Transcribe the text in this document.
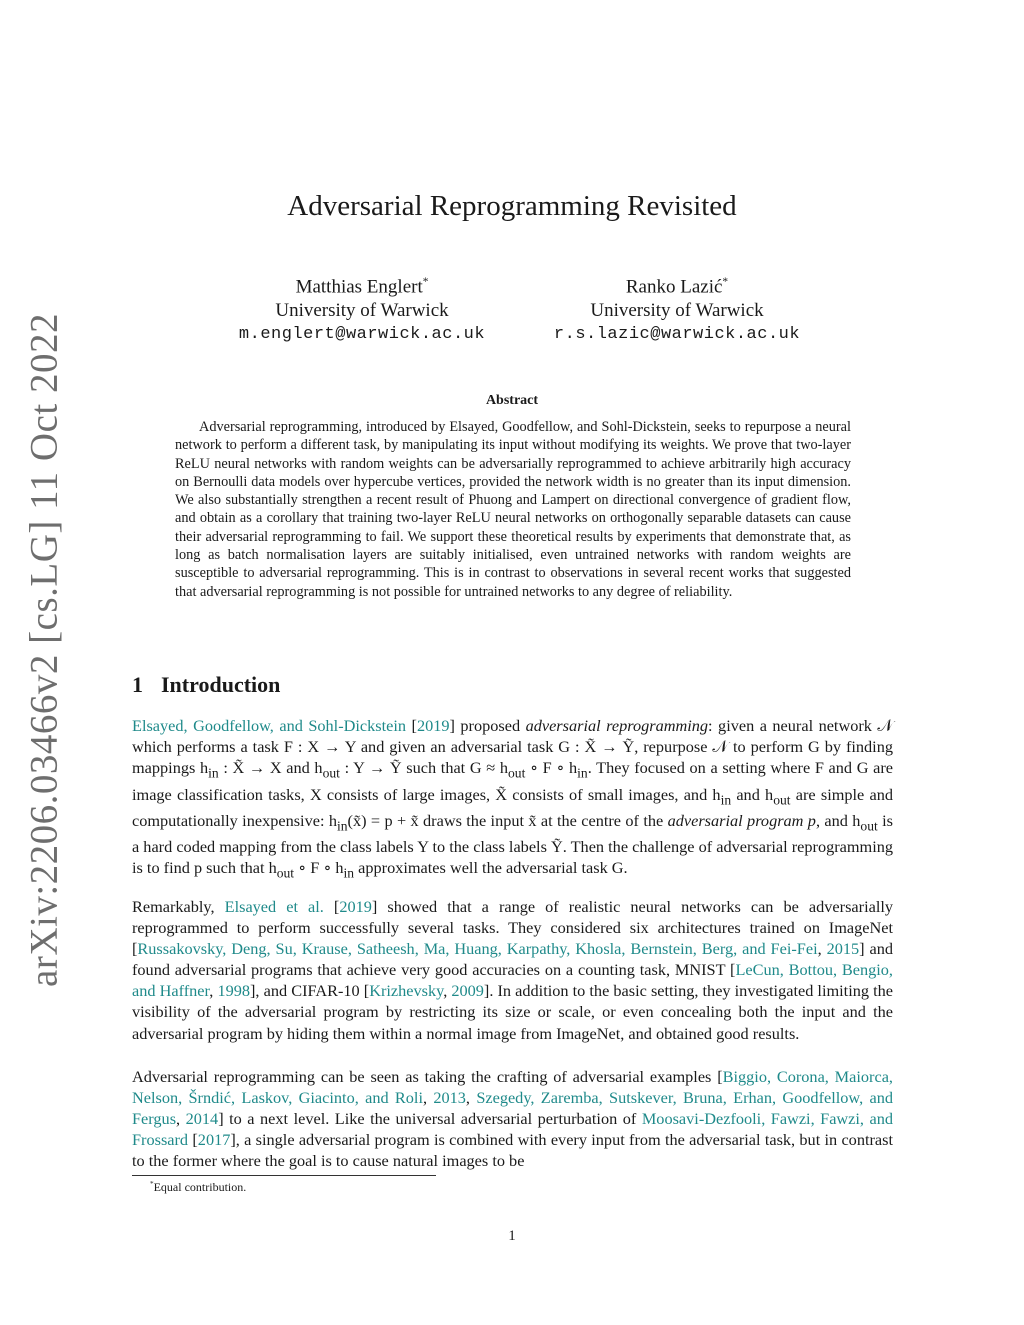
arXiv:2206.03466v2 [cs.LG] 11 Oct 2022
Adversarial Reprogramming Revisited
Matthias Englert*
University of Warwick
m.englert@warwick.ac.uk
Ranko Lazić*
University of Warwick
r.s.lazic@warwick.ac.uk
Abstract
Adversarial reprogramming, introduced by Elsayed, Goodfellow, and Sohl-Dickstein, seeks to repurpose a neural network to perform a different task, by manipulating its input without modifying its weights. We prove that two-layer ReLU neural networks with random weights can be adversarially reprogrammed to achieve arbitrarily high accuracy on Bernoulli data models over hypercube vertices, provided the network width is no greater than its input dimension. We also substantially strengthen a recent result of Phuong and Lampert on directional convergence of gradient flow, and obtain as a corollary that training two-layer ReLU neural networks on orthogonally separable datasets can cause their adversarial reprogramming to fail. We support these theoretical results by experiments that demonstrate that, as long as batch normalisation layers are suitably initialised, even untrained networks with random weights are susceptible to adversarial reprogramming. This is in contrast to observations in several recent works that suggested that adversarial reprogramming is not possible for untrained networks to any degree of reliability.
1 Introduction
Elsayed, Goodfellow, and Sohl-Dickstein [2019] proposed adversarial reprogramming: given a neural network 𝒩 which performs a task F : X → Y and given an adversarial task G : X̃ → Ỹ, repurpose 𝒩 to perform G by finding mappings $h_{in}$ : X̃ → X and $h_{out}$ : Y → Ỹ such that $G \approx h_{out}$ ∘ F ∘ $h_{in}$. They focused on a setting where F and G are image classification tasks, X consists of large images, X̃ consists of small images, and $h_{in}$ and $h_{out}$ are simple and computationally inexpensive: $h_{in}(x̃) = p$ + x̃ draws the input x̃ at the centre of the adversarial program p, and $h_{out}$ is a hard coded mapping from the class labels Y to the class labels Ỹ. Then the challenge of adversarial reprogramming is to find p such that $h_{out}$ ∘ F ∘ $h_{in}$ approximates well the adversarial task G.
Remarkably, Elsayed et al. [2019] showed that a range of realistic neural networks can be adversarially reprogrammed to perform successfully several tasks. They considered six architectures trained on ImageNet [Russakovsky, Deng, Su, Krause, Satheesh, Ma, Huang, Karpathy, Khosla, Bernstein, Berg, and Fei-Fei, 2015] and found adversarial programs that achieve very good accuracies on a counting task, MNIST [LeCun, Bottou, Bengio, and Haffner, 1998], and CIFAR-10 [Krizhevsky, 2009]. In addition to the basic setting, they investigated limiting the visibility of the adversarial program by restricting its size or scale, or even concealing both the input and the adversarial program by hiding them within a normal image from ImageNet, and obtained good results.
Adversarial reprogramming can be seen as taking the crafting of adversarial examples [Biggio, Corona, Maiorca, Nelson, Šrndić, Laskov, Giacinto, and Roli, 2013, Szegedy, Zaremba, Sutskever, Bruna, Erhan, Goodfellow, and Fergus, 2014] to a next level. Like the universal adversarial perturbation of Moosavi-Dezfooli, Fawzi, Fawzi, and Frossard [2017], a single adversarial program is combined with every input from the adversarial task, but in contrast to the former where the goal is to cause natural images to be
*Equal contribution.
1
